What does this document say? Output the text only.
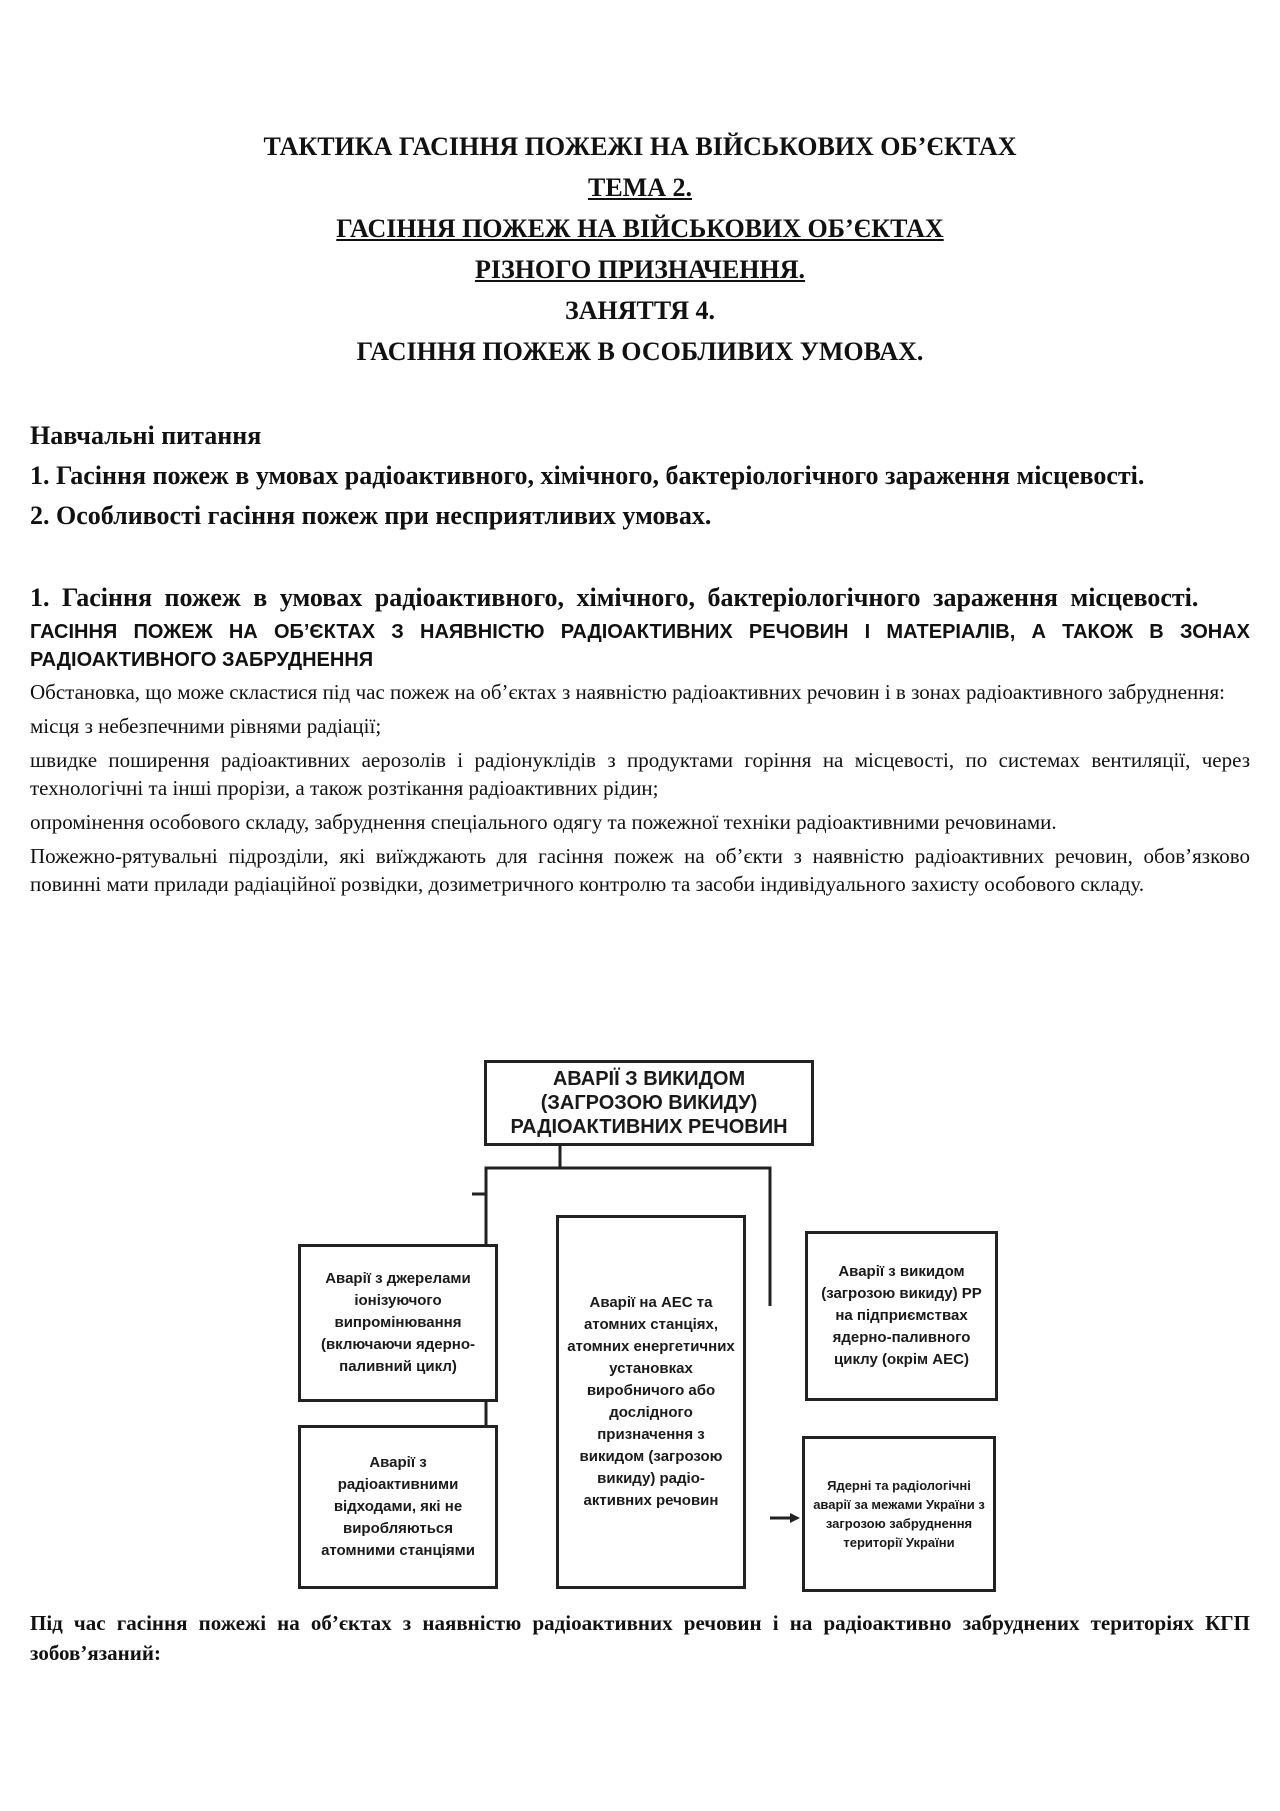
ТАКТИКА ГАСІННЯ ПОЖЕЖІ НА ВІЙСЬКОВИХ ОБ’ЄКТАХ
ТЕМА 2.
ГАСІННЯ ПОЖЕЖ НА ВІЙСЬКОВИХ ОБ’ЄКТАХ
РІЗНОГО ПРИЗНАЧЕННЯ.
ЗАНЯТТЯ 4.
ГАСІННЯ ПОЖЕЖ В ОСОБЛИВИХ УМОВАХ.

Навчальні питання

1. Гасіння пожеж в умовах радіоактивного, хімічного, бактеріологічного зараження місцевості.

2. Особливості гасіння пожеж при несприятливих умовах.

1. Гасіння пожеж в умовах радіоактивного, хімічного, бактеріологічного зараження місцевості.

ГАСІННЯ ПОЖЕЖ НА ОБ’ЄКТАХ З НАЯВНІСТЮ РАДІОАКТИВНИХ РЕЧОВИН І МАТЕРІАЛІВ, А ТАКОЖ В ЗОНАХ РАДІОАКТИВНОГО ЗАБРУДНЕННЯ

Обстановка, що може скластися під час пожеж на об’єктах з наявністю радіоактивних речовин і в зонах радіоактивного забруднення:

місця з небезпечними рівнями радіації;

швидке поширення радіоактивних аерозолів і радіонуклідів з продуктами горіння на місцевості, по системах вентиляції, через технологічні та інші прорізи, а також розтікання радіоактивних рідин;

опромінення особового складу, забруднення спеціального одягу та пожежної техніки радіоактивними речовинами.

Пожежно-рятувальні підрозділи, які виїжджають для гасіння пожеж на об’єкти з наявністю радіоактивних речовин, обов’язково повинні мати прилади радіаційної розвідки, дозиметричного контролю та засоби індивідуального захисту особового складу.

АВАРІЇ З ВИКИДОМ (ЗАГРОЗОЮ ВИКИДУ) РАДІОАКТИВНИХ РЕЧОВИН
Аварії з джерелами іонізуючого випромінювання (включаючи ядерно-паливний цикл)
Аварії з радіоактивними відходами, які не виробляються атомними станціями
Аварії на АЕС та атомних станціях, атомних енергетичних установках виробничого або дослідного призначення з викидом (загрозою викиду) радіо-активних речовин
Аварії з викидом (загрозою викиду) РР на підприємствах ядерно-паливного циклу (окрім АЕС)
Ядерні та радіологічні аварії за межами України з загрозою забруднення території України

Під час гасіння пожежі на об’єктах з наявністю радіоактивних речовин і на радіоактивно забруднених територіях КГП зобов’язаний:
